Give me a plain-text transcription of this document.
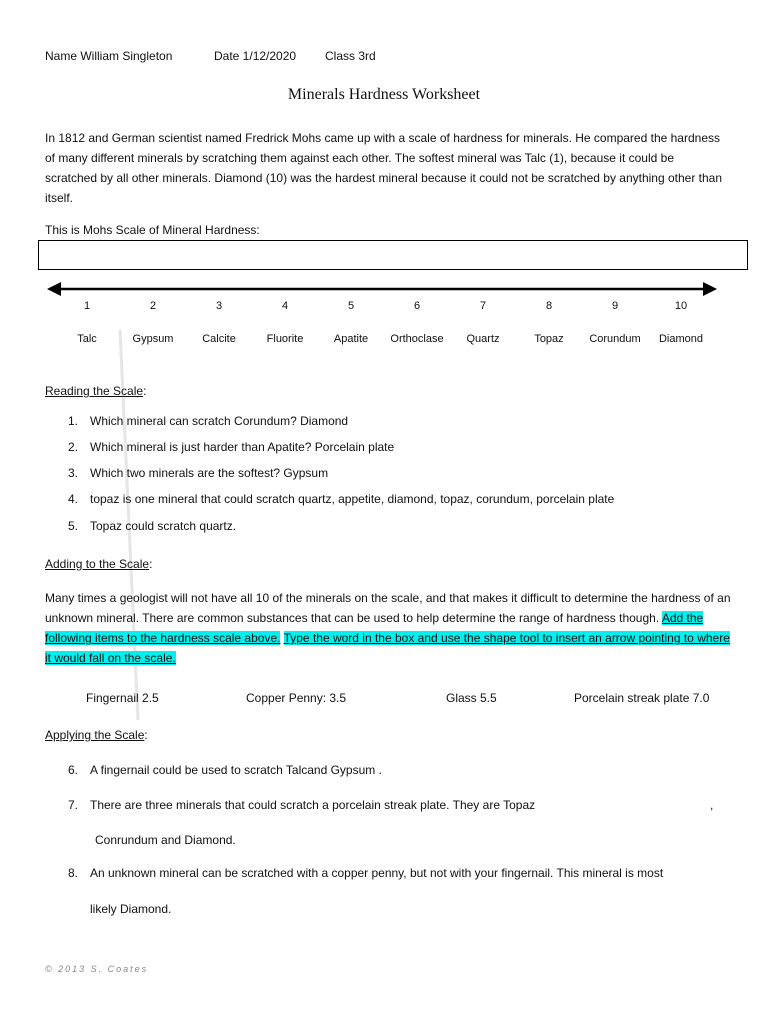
Name William Singleton	Date 1/12/2020 Class 3rd
Minerals Hardness Worksheet

In 1812 and German scientist named Fredrick Mohs came up with a scale of hardness for minerals. He compared the hardness of many different minerals by scratching them against each other. The softest mineral was Talc (1), because it could be scratched by all other minerals. Diamond (10) was the hardest mineral because it could not be scratched by anything other than itself.

This is Mohs Scale of Mineral Hardness:
1	2	3	4	5	6	7	8	9	10
Talc	Gypsum	Calcite	Fluorite	Apatite	Orthoclase	Quartz	Topaz	Corundum	Diamond
Reading the Scale:
1. Which mineral can scratch Corundum? Diamond
2. Which mineral is just harder than Apatite? Porcelain plate
3. Which two minerals are the softest? Gypsum
4. topaz is one mineral that could scratch quartz, appetite, diamond, topaz, corundum, porcelain plate
5. Topaz could scratch quartz.
Adding to the Scale:

Many times a geologist will not have all 10 of the minerals on the scale, and that makes it difficult to determine the hardness of an unknown mineral. There are common substances that can be used to help determine the range of hardness though. Add the following items to the hardness scale above. Type the word in the box and use the shape tool to insert an arrow pointing to where it would fall on the scale.

Fingernail 2.5	Copper Penny: 3.5	Glass 5.5	Porcelain streak plate 7.0
Applying the Scale:
6. A fingernail could be used to scratch Talcand Gypsum .
7. There are three minerals that could scratch a porcelain streak plate. They are Topaz	,
Conrundum and Diamond.
8. An unknown mineral can be scratched with a copper penny, but not with your fingernail. This mineral is most
likely Diamond.
© 2013 S. Coates
